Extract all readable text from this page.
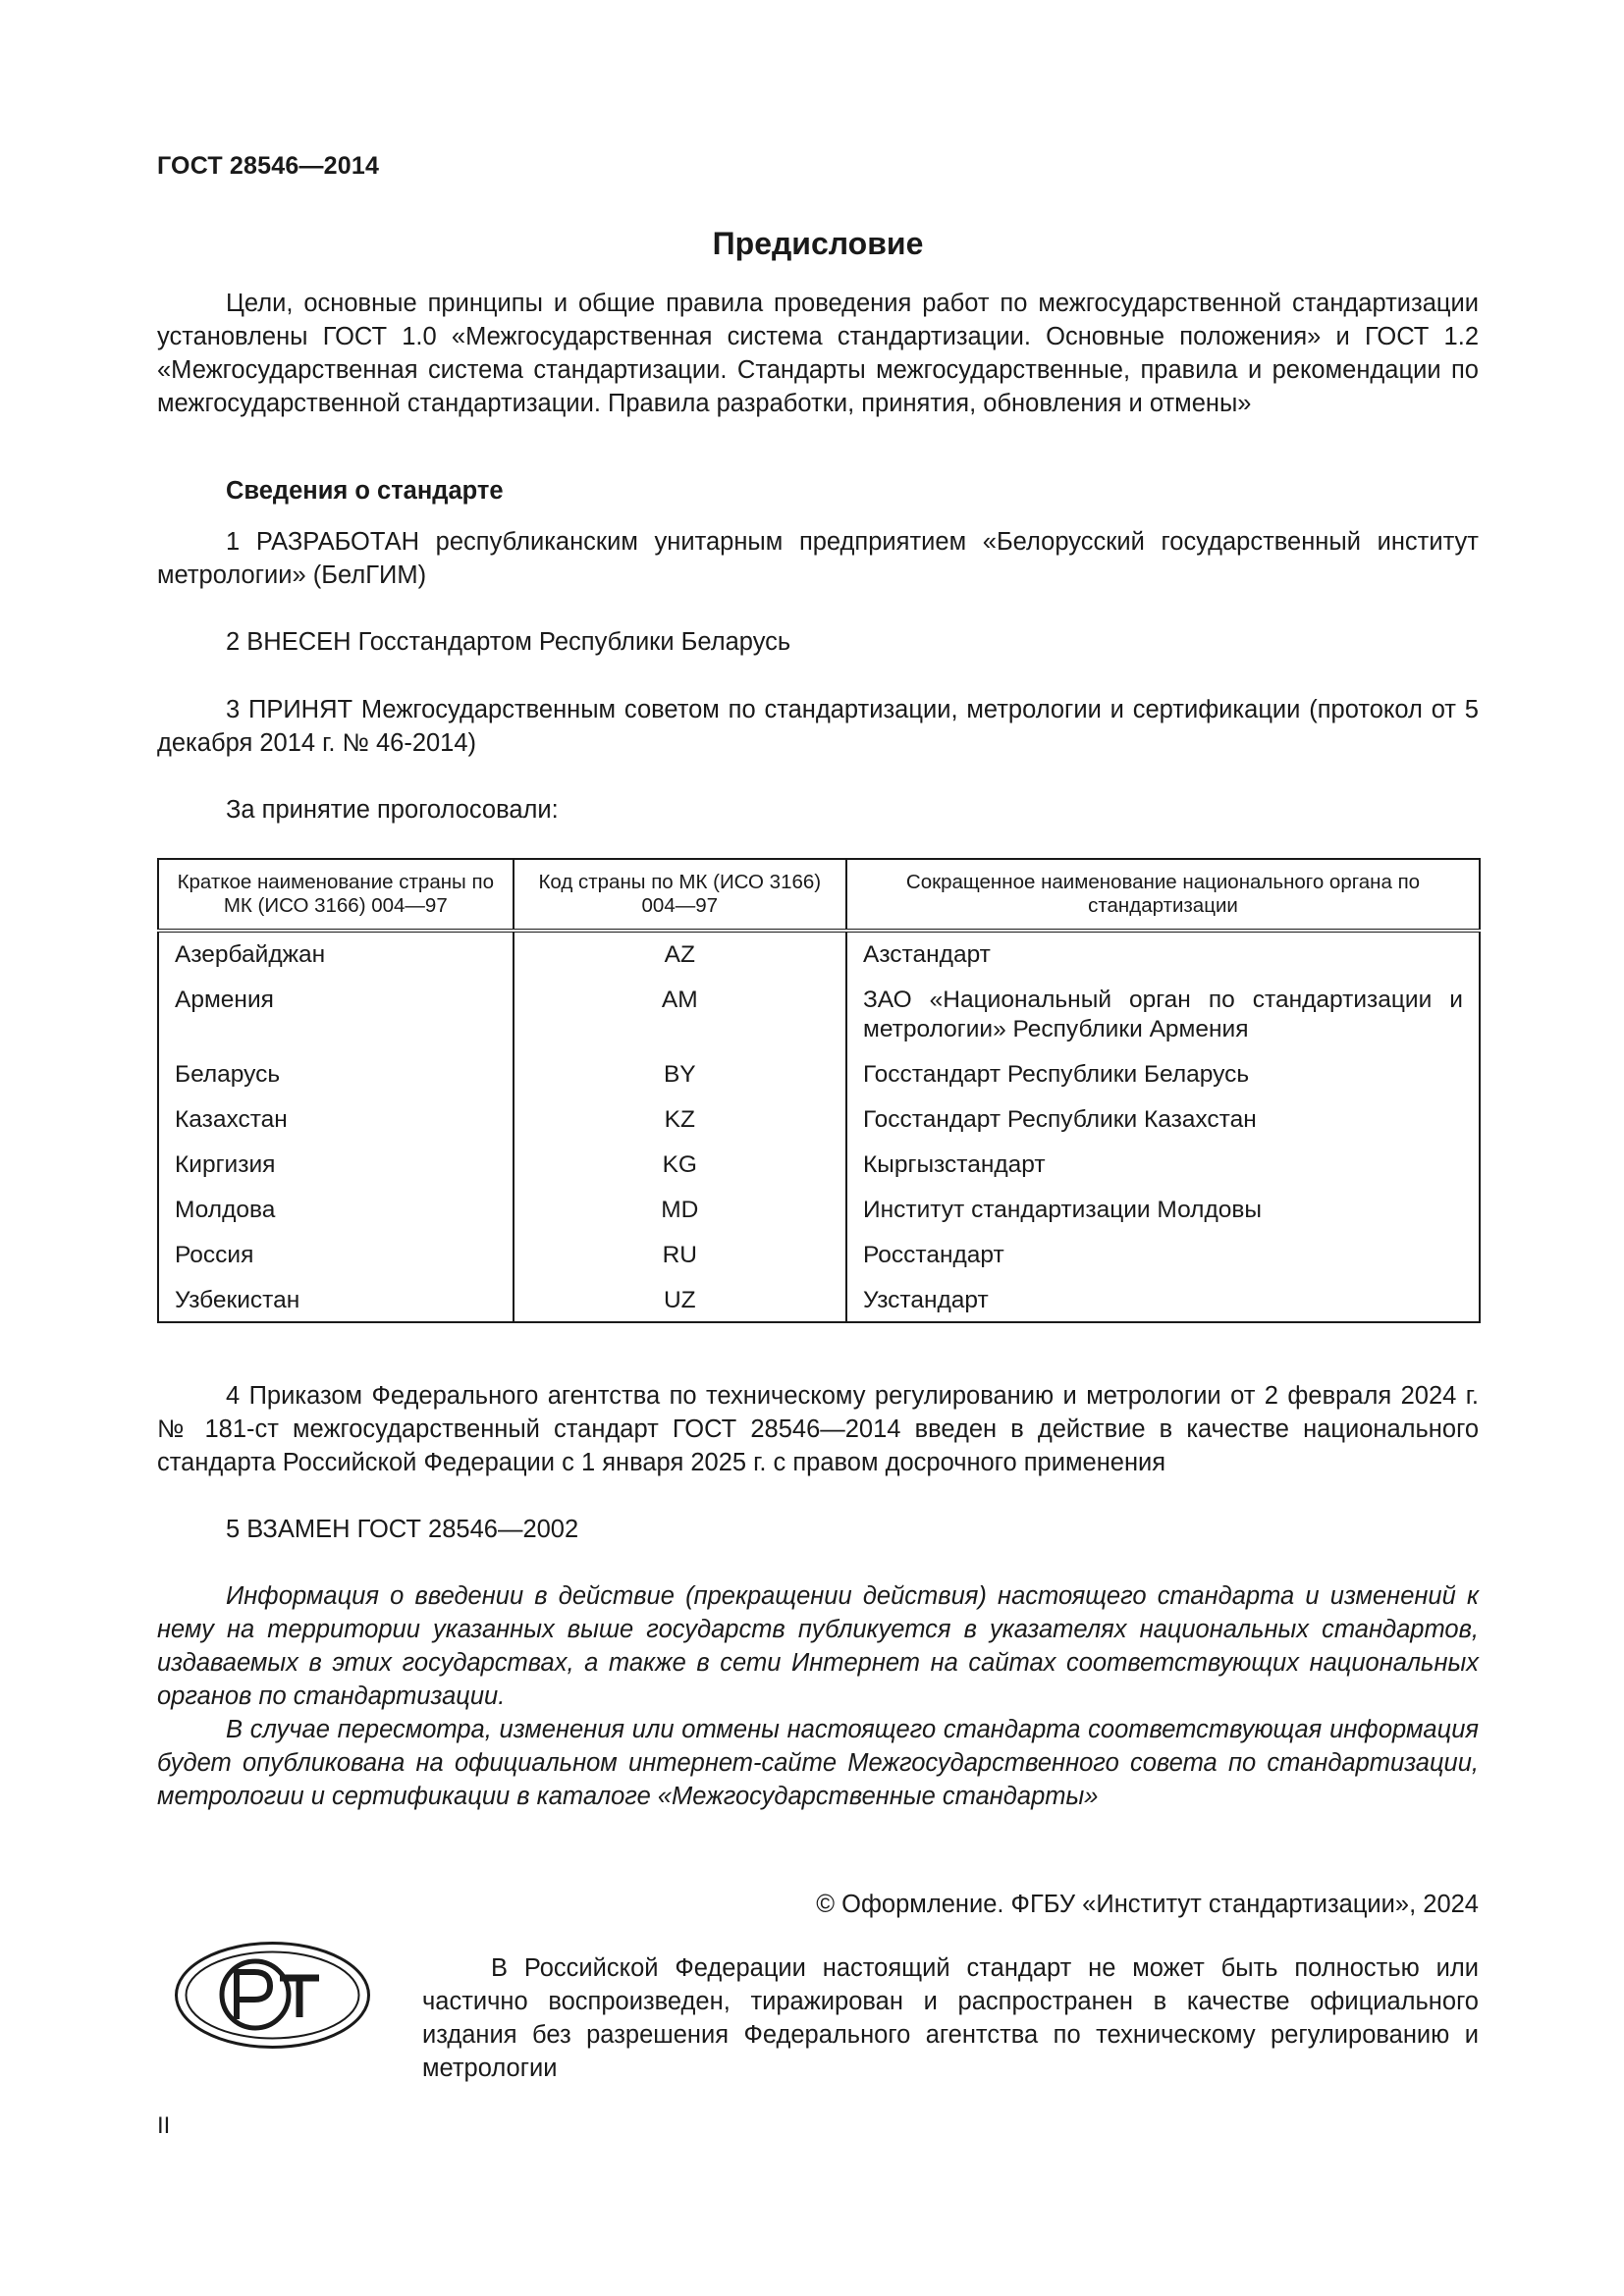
ГОСТ 28546—2014
Предисловие

Цели, основные принципы и общие правила проведения работ по межгосударственной стандартизации установлены ГОСТ 1.0 «Межгосударственная система стандартизации. Основные положения» и ГОСТ 1.2 «Межгосударственная система стандартизации. Стандарты межгосударственные, правила и рекомендации по межгосударственной стандартизации. Правила разработки, принятия, обновления и отмены»

Сведения о стандарте

1 РАЗРАБОТАН республиканским унитарным предприятием «Белорусский государственный институт метрологии» (БелГИМ)

2 ВНЕСЕН Госстандартом Республики Беларусь

3 ПРИНЯТ Межгосударственным советом по стандартизации, метрологии и сертификации (протокол от 5 декабря 2014 г. № 46-2014)

За принятие проголосовали:

Краткое наименование страны по МК (ИСО 3166) 004—97	Код страны по МК (ИСО 3166) 004—97	Сокращенное наименование национального органа по стандартизации
Азербайджан	AZ	Азстандарт
Армения	AM	ЗАО «Национальный орган по стандартизации и метрологии» Республики Армения
Беларусь	BY	Госстандарт Республики Беларусь
Казахстан	KZ	Госстандарт Республики Казахстан
Киргизия	KG	Кыргызстандарт
Молдова	MD	Институт стандартизации Молдовы
Россия	RU	Росстандарт
Узбекистан	UZ	Узстандарт

4 Приказом Федерального агентства по техническому регулированию и метрологии от 2 февраля 2024 г. № 181-ст межгосударственный стандарт ГОСТ 28546—2014 введен в действие в качестве национального стандарта Российской Федерации с 1 января 2025 г. с правом досрочного применения

5 ВЗАМЕН ГОСТ 28546—2002

Информация о введении в действие (прекращении действия) настоящего стандарта и изменений к нему на территории указанных выше государств публикуется в указателях национальных стандартов, издаваемых в этих государствах, а также в сети Интернет на сайтах соответствующих национальных органов по стандартизации.

В случае пересмотра, изменения или отмены настоящего стандарта соответствующая информация будет опубликована на официальном интернет-сайте Межгосударственного совета по стандартизации, метрологии и сертификации в каталоге «Межгосударственные стандарты»

© Оформление. ФГБУ «Институт стандартизации», 2024

В Российской Федерации настоящий стандарт не может быть полностью или частично воспроизведен, тиражирован и распространен в качестве официального издания без разрешения Федерального агентства по техническому регулированию и метрологии

II
